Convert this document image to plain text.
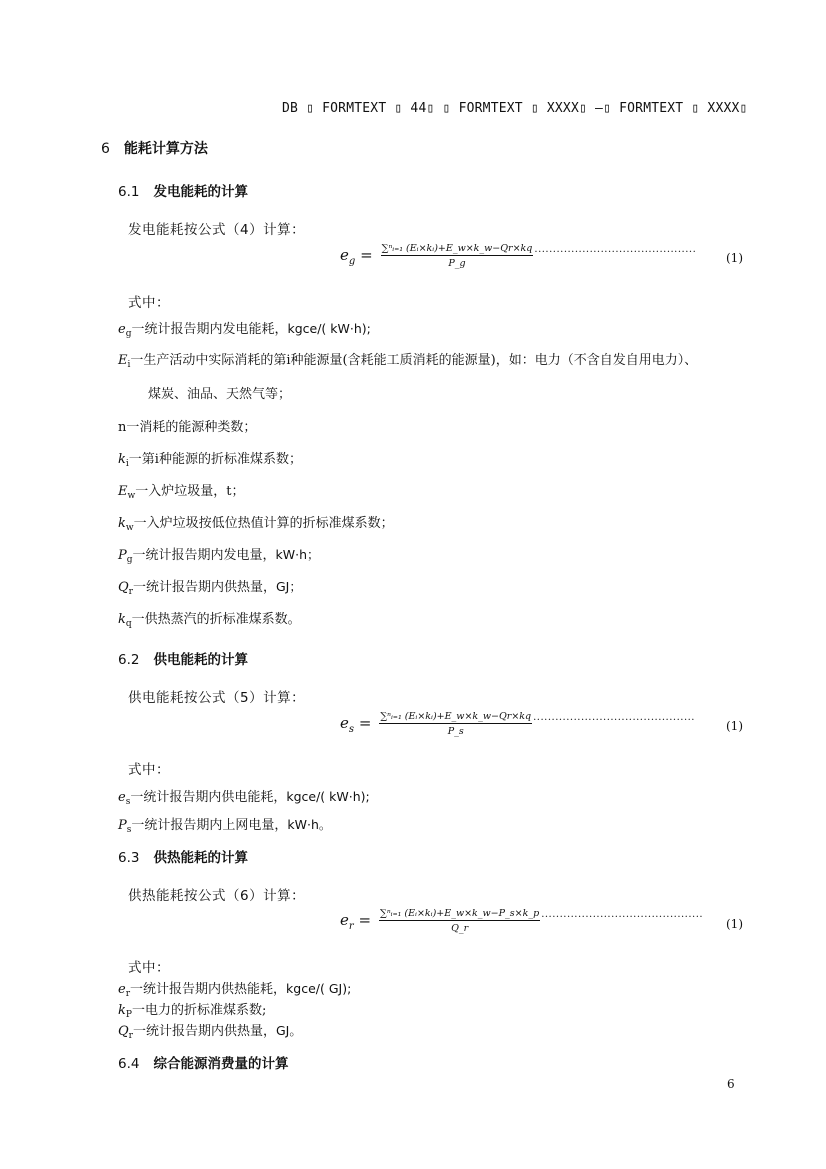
DB ▯ FORMTEXT ▯ 44▯ ▯ FORMTEXT ▯ XXXX▯ —▯ FORMTEXT ▯ XXXX▯
6 能耗计算方法
6.1 发电能耗的计算
发电能耗按公式（4）计算：
$e_g = \frac{\text{∑ⁿᵢ₌₁ (Eᵢ×kᵢ)+E\_w×k\_w−Qr×kq}}{P\_g}$ ............................................
(1)
式中：
$e_g$一统计报告期内发电能耗，kgce/( kW·h);
$E_i$一生产活动中实际消耗的第i种能源量(含耗能工质消耗的能源量)，如：电力（不含自发自用电力）、
煤炭、油品、天然气等；
n一消耗的能源种类数；
$k_i$一第i种能源的折标准煤系数；
$E_w$一入炉垃圾量，t；
$k_w$一入炉垃圾按低位热值计算的折标准煤系数；
$P_g$一统计报告期内发电量，kW·h；
$Q_r$一统计报告期内供热量，GJ；
$k_q$一供热蒸汽的折标准煤系数。
6.2 供电能耗的计算
供电能耗按公式（5）计算：
$e_s = \frac{\text{∑ⁿᵢ₌₁ (Eᵢ×kᵢ)+E\_w×k\_w−Qr×kq}}{P\_s}$ ............................................
(1)
式中：
$e_s$一统计报告期内供电能耗，kgce/( kW·h);
$P_s$一统计报告期内上网电量，kW·h。
6.3 供热能耗的计算
供热能耗按公式（6）计算：
$e_r = \frac{\text{∑ⁿᵢ₌₁ (Eᵢ×kᵢ)+E\_w×k\_w−P\_s×k\_p}}{Q\_r}$ ............................................
(1)
式中：
$e_r$一统计报告期内供热能耗，kgce/( GJ);
$k_P$一电力的折标准煤系数;
$Q_r$一统计报告期内供热量，GJ。
6.4 综合能源消费量的计算
6
